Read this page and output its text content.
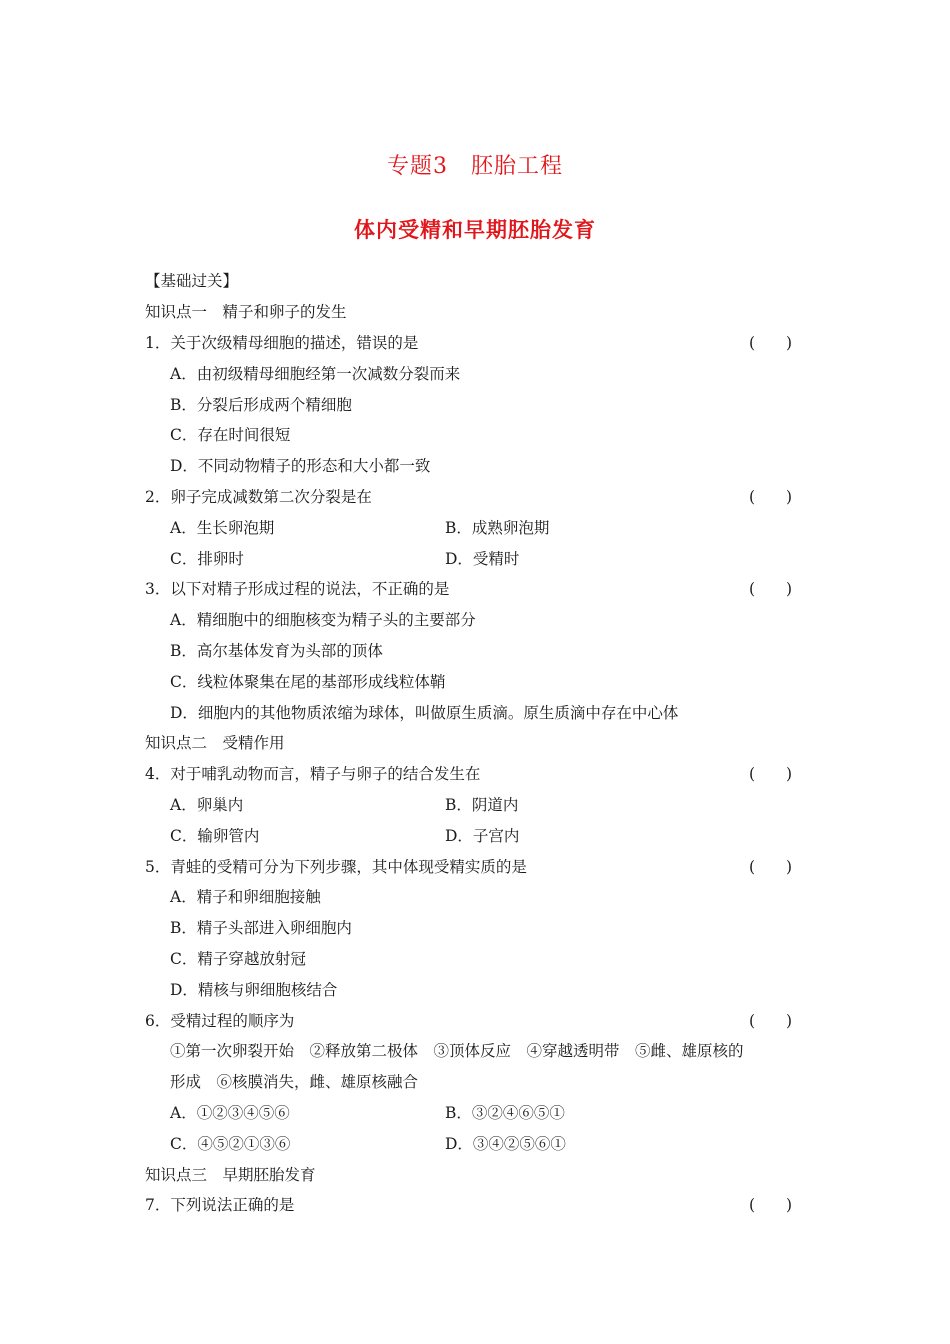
专题3　胚胎工程
体内受精和早期胚胎发育
【基础过关】
知识点一　精子和卵子的发生
1．关于次级精母细胞的描述，错误的是	(　　)
A．由初级精母细胞经第一次减数分裂而来
B．分裂后形成两个精细胞
C．存在时间很短
D．不同动物精子的形态和大小都一致
2．卵子完成减数第二次分裂是在	(　　)
A．生长卵泡期	B．成熟卵泡期
C．排卵时	D．受精时
3．以下对精子形成过程的说法，不正确的是	(　　)
A．精细胞中的细胞核变为精子头的主要部分
B．高尔基体发育为头部的顶体
C．线粒体聚集在尾的基部形成线粒体鞘
D．细胞内的其他物质浓缩为球体，叫做原生质滴。原生质滴中存在中心体
知识点二　受精作用
4．对于哺乳动物而言，精子与卵子的结合发生在	(　　)
A．卵巢内	B．阴道内
C．输卵管内	D．子宫内
5．青蛙的受精可分为下列步骤，其中体现受精实质的是	(　　)
A．精子和卵细胞接触
B．精子头部进入卵细胞内
C．精子穿越放射冠
D．精核与卵细胞核结合
6．受精过程的顺序为	(　　)
①第一次卵裂开始　②释放第二极体　③顶体反应　④穿越透明带　⑤雌、雄原核的
形成　⑥核膜消失，雌、雄原核融合
A．①②③④⑤⑥	B．③②④⑥⑤①
C．④⑤②①③⑥	D．③④②⑤⑥①
知识点三　早期胚胎发育
7．下列说法正确的是	(　　)
